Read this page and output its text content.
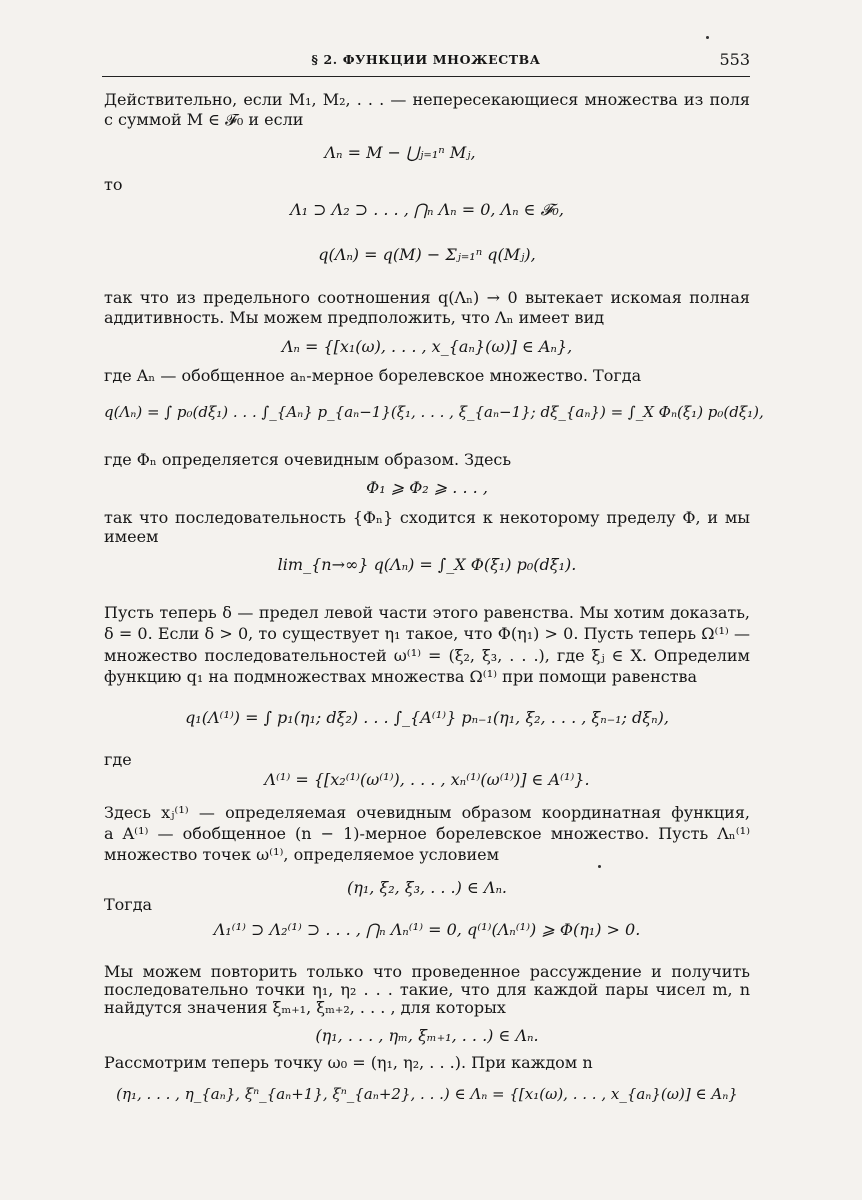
§ 2. ФУНКЦИИ МНОЖЕСТВА	553
Действительно, если M₁, M₂, . . . — непересекающиеся множества из поля
с суммой M ∈ 𝓕₀ и если
Λₙ = M − ⋃ⱼ₌₁ⁿ Mⱼ,
то
Λ₁ ⊃ Λ₂ ⊃ . . . , ⋂ₙ Λₙ = 0, Λₙ ∈ 𝓕₀,
q(Λₙ) = q(M) − Σⱼ₌₁ⁿ q(Mⱼ),
так что из предельного соотношения q(Λₙ) → 0 вытекает искомая полная
аддитивность. Мы можем предположить, что Λₙ имеет вид
Λₙ = {[x₁(ω), . . . , x_{aₙ}(ω)] ∈ Aₙ},
где Aₙ — обобщенное aₙ-мерное борелевское множество. Тогда
q(Λₙ) = ∫ p₀(dξ₁) . . . ∫_{Aₙ} p_{aₙ−1}(ξ₁, . . . , ξ_{aₙ−1}; dξ_{aₙ}) = ∫_X Φₙ(ξ₁) p₀(dξ₁),
где Φₙ определяется очевидным образом. Здесь
Φ₁ ⩾ Φ₂ ⩾ . . . ,
так что последовательность {Φₙ} сходится к некоторому пределу Φ, и мы
имеем
lim_{n→∞} q(Λₙ) = ∫_X Φ(ξ₁) p₀(dξ₁).
Пусть теперь δ — предел левой части этого равенства. Мы хотим доказать,
δ = 0. Если δ > 0, то существует η₁ такое, что Φ(η₁) > 0. Пусть теперь Ω⁽¹⁾ —
множество последовательностей ω⁽¹⁾ = (ξ₂, ξ₃, . . .), где ξⱼ ∈ X. Определим
функцию q₁ на подмножествах множества Ω⁽¹⁾ при помощи равенства
q₁(Λ⁽¹⁾) = ∫ p₁(η₁; dξ₂) . . . ∫_{A⁽¹⁾} pₙ₋₁(η₁, ξ₂, . . . , ξₙ₋₁; dξₙ),
где
Λ⁽¹⁾ = {[x₂⁽¹⁾(ω⁽¹⁾), . . . , xₙ⁽¹⁾(ω⁽¹⁾)] ∈ A⁽¹⁾}.
Здесь xⱼ⁽¹⁾ — определяемая очевидным образом координатная функция,
а A⁽¹⁾ — обобщенное (n − 1)-мерное борелевское множество. Пусть Λₙ⁽¹⁾
множество точек ω⁽¹⁾, определяемое условием
(η₁, ξ₂, ξ₃, . . .) ∈ Λₙ.
Тогда
Λ₁⁽¹⁾ ⊃ Λ₂⁽¹⁾ ⊃ . . . , ⋂ₙ Λₙ⁽¹⁾ = 0, q⁽¹⁾(Λₙ⁽¹⁾) ⩾ Φ(η₁) > 0.
Мы можем повторить только что проведенное рассуждение и получить
последовательно точки η₁, η₂ . . . такие, что для каждой пары чисел m, n
найдутся значения ξₘ₊₁, ξₘ₊₂, . . . , для которых
(η₁, . . . , ηₘ, ξₘ₊₁, . . .) ∈ Λₙ.
Рассмотрим теперь точку ω₀ = (η₁, η₂, . . .). При каждом n
(η₁, . . . , η_{aₙ}, ξⁿ_{aₙ+1}, ξⁿ_{aₙ+2}, . . .) ∈ Λₙ = {[x₁(ω), . . . , x_{aₙ}(ω)] ∈ Aₙ}
